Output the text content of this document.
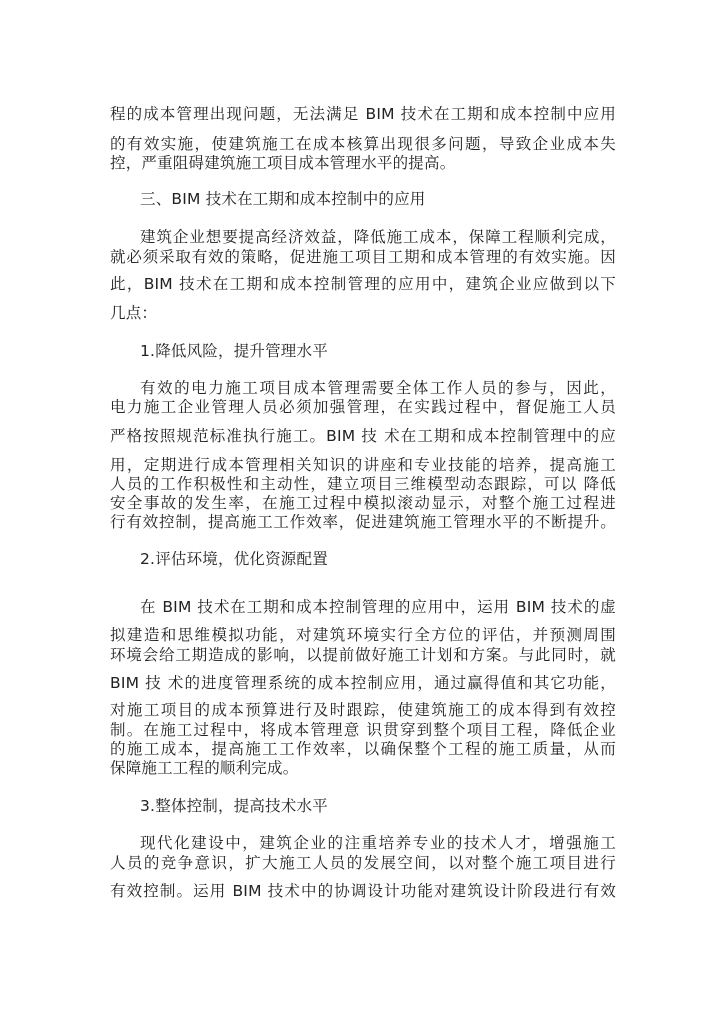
程的成本管理出现问题，无法满足 BIM 技术在工期和成本控制中应用
的有效实施，使建筑施工在成本核算出现很多问题，导致企业成本失
控，严重阻碍建筑施工项目成本管理水平的提高。
三、BIM 技术在工期和成本控制中的应用
建筑企业想要提高经济效益，降低施工成本，保障工程顺利完成，
就必须采取有效的策略，促进施工项目工期和成本管理的有效实施。因
此，BIM 技术在工期和成本控制管理的应用中，建筑企业应做到以下
几点：
1.降低风险，提升管理水平
有效的电力施工项目成本管理需要全体工作人员的参与，因此，
电力施工企业管理人员必须加强管理，在实践过程中，督促施工人员
严格按照规范标准执行施工。BIM 技 术在工期和成本控制管理中的应
用，定期进行成本管理相关知识的讲座和专业技能的培养，提高施工
人员的工作积极性和主动性，建立项目三维模型动态跟踪，可以 降低
安全事故的发生率，在施工过程中模拟滚动显示，对整个施工过程进
行有效控制，提高施工工作效率，促进建筑施工管理水平的不断提升。
2.评估环境，优化资源配置
在 BIM 技术在工期和成本控制管理的应用中，运用 BIM 技术的虚
拟建造和思维模拟功能，对建筑环境实行全方位的评估，并预测周围
环境会给工期造成的影响，以提前做好施工计划和方案。与此同时，就
BIM 技 术的进度管理系统的成本控制应用，通过赢得值和其它功能，
对施工项目的成本预算进行及时跟踪，使建筑施工的成本得到有效控
制。在施工过程中，将成本管理意 识贯穿到整个项目工程，降低企业
的施工成本，提高施工工作效率，以确保整个工程的施工质量，从而
保障施工工程的顺利完成。
3.整体控制，提高技术水平
现代化建设中，建筑企业的注重培养专业的技术人才，增强施工
人员的竞争意识，扩大施工人员的发展空间，以对整个施工项目进行
有效控制。运用 BIM 技术中的协调设计功能对建筑设计阶段进行有效
